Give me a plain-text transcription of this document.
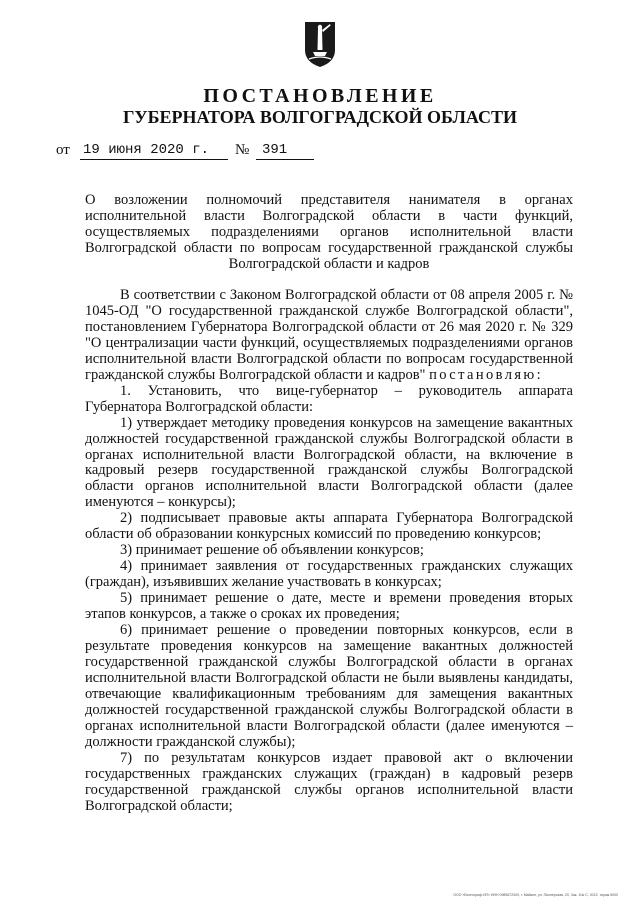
ПОСТАНОВЛЕНИЕ
ГУБЕРНАТОРА ВОЛГОГРАДСКОЙ ОБЛАСТИ
от 19 июня 2020 г. № 391
О возложении полномочий представителя нанимателя в органах исполнительной власти Волгоградской области в части функций, осуществляемых подразделениями органов исполнительной власти Волгоградской области по вопросам государственной гражданской службы Волгоградской области и кадров

В соответствии с Законом Волгоградской области от 08 апреля 2005 г. № 1045-ОД "О государственной гражданской службе Волгоградской области", постановлением Губернатора Волгоградской области от 26 мая 2020 г. № 329 "О централизации части функций, осуществляемых подразделениями органов исполнительной власти Волгоградской области по вопросам государственной гражданской службы Волгоградской области и кадров" постановляю:

1. Установить, что вице-губернатор – руководитель аппарата Губернатора Волгоградской области:

1) утверждает методику проведения конкурсов на замещение вакантных должностей государственной гражданской службы Волгоградской области в органах исполнительной власти Волгоградской области, на включение в кадровый резерв государственной гражданской службы Волгоградской области органов исполнительной власти Волгоградской области (далее именуются – конкурсы);

2) подписывает правовые акты аппарата Губернатора Волгоградской области об образовании конкурсных комиссий по проведению конкурсов;

3) принимает решение об объявлении конкурсов;

4) принимает заявления от государственных гражданских служащих (граждан), изъявивших желание участвовать в конкурсах;

5) принимает решение о дате, месте и времени проведения вторых этапов конкурсов, а также о сроках их проведения;

6) принимает решение о проведении повторных конкурсов, если в результате проведения конкурсов на замещение вакантных должностей государственной гражданской службы Волгоградской области в органах исполнительной власти Волгоградской области не были выявлены кандидаты, отвечающие квалификационным требованиям для замещения вакантных должностей государственной гражданской службы Волгоградской области в органах исполнительной власти Волгоградской области (далее именуются – должности гражданской службы);

7) по результатам конкурсов издает правовой акт о включении государственных гражданских служащих (граждан) в кадровый резерв государственной гражданской службы органов исполнительной власти Волгоградской области;

ООО «Волгограф-НП» ИНН 0985672309, г. Майкоп, ул. Пионерская, 20, Зак. 1№·С, 2013, тираж 5000
